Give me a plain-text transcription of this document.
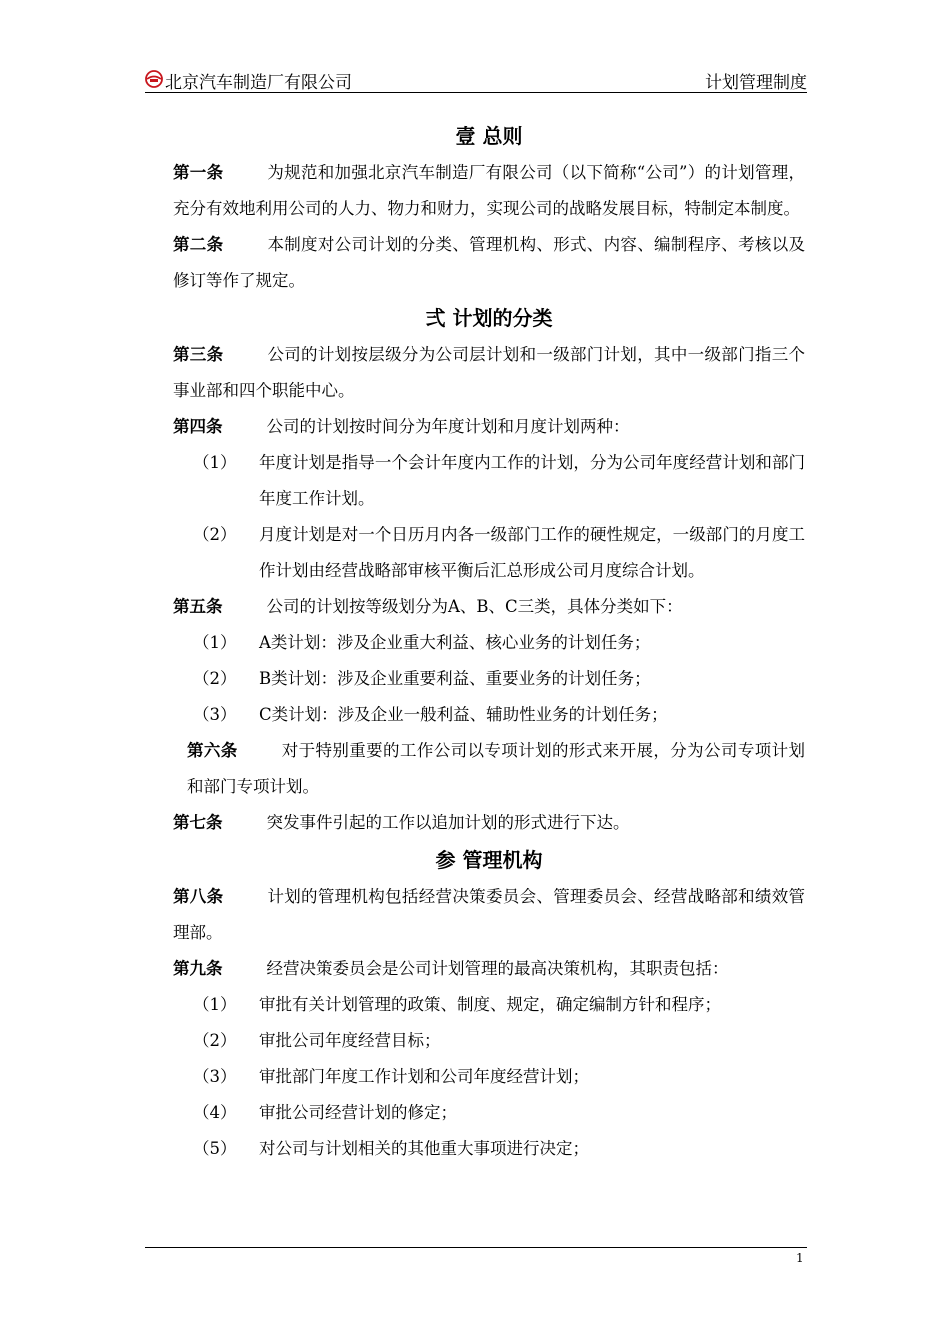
北京汽车制造厂有限公司	计划管理制度
壹 总则

第一条	为规范和加强北京汽车制造厂有限公司（以下简称“公司”）的计划管理，充分有效地利用公司的人力、物力和财力，实现公司的战略发展目标，特制定本制度。

第二条	本制度对公司计划的分类、管理机构、形式、内容、编制程序、考核以及修订等作了规定。

弍 计划的分类

第三条	公司的计划按层级分为公司层计划和一级部门计划，其中一级部门指三个事业部和四个职能中心。

第四条	公司的计划按时间分为年度计划和月度计划两种：

（1）	年度计划是指导一个会计年度内工作的计划，分为公司年度经营计划和部门年度工作计划。
（2）	月度计划是对一个日历月内各一级部门工作的硬性规定，一级部门的月度工作计划由经营战略部审核平衡后汇总形成公司月度综合计划。

第五条	公司的计划按等级划分为A、B、C三类，具体分类如下：

（1）	A类计划：涉及企业重大利益、核心业务的计划任务；
（2）	B类计划：涉及企业重要利益、重要业务的计划任务；
（3）	C类计划：涉及企业一般利益、辅助性业务的计划任务；

第六条	对于特别重要的工作公司以专项计划的形式来开展，分为公司专项计划和部门专项计划。

第七条	突发事件引起的工作以追加计划的形式进行下达。

参 管理机构

第八条	计划的管理机构包括经营决策委员会、管理委员会、经营战略部和绩效管理部。

第九条	经营决策委员会是公司计划管理的最高决策机构，其职责包括：

（1）	审批有关计划管理的政策、制度、规定，确定编制方针和程序；
（2）	审批公司年度经营目标；
（3）	审批部门年度工作计划和公司年度经营计划；
（4）	审批公司经营计划的修定；
（5）	对公司与计划相关的其他重大事项进行决定；
1
